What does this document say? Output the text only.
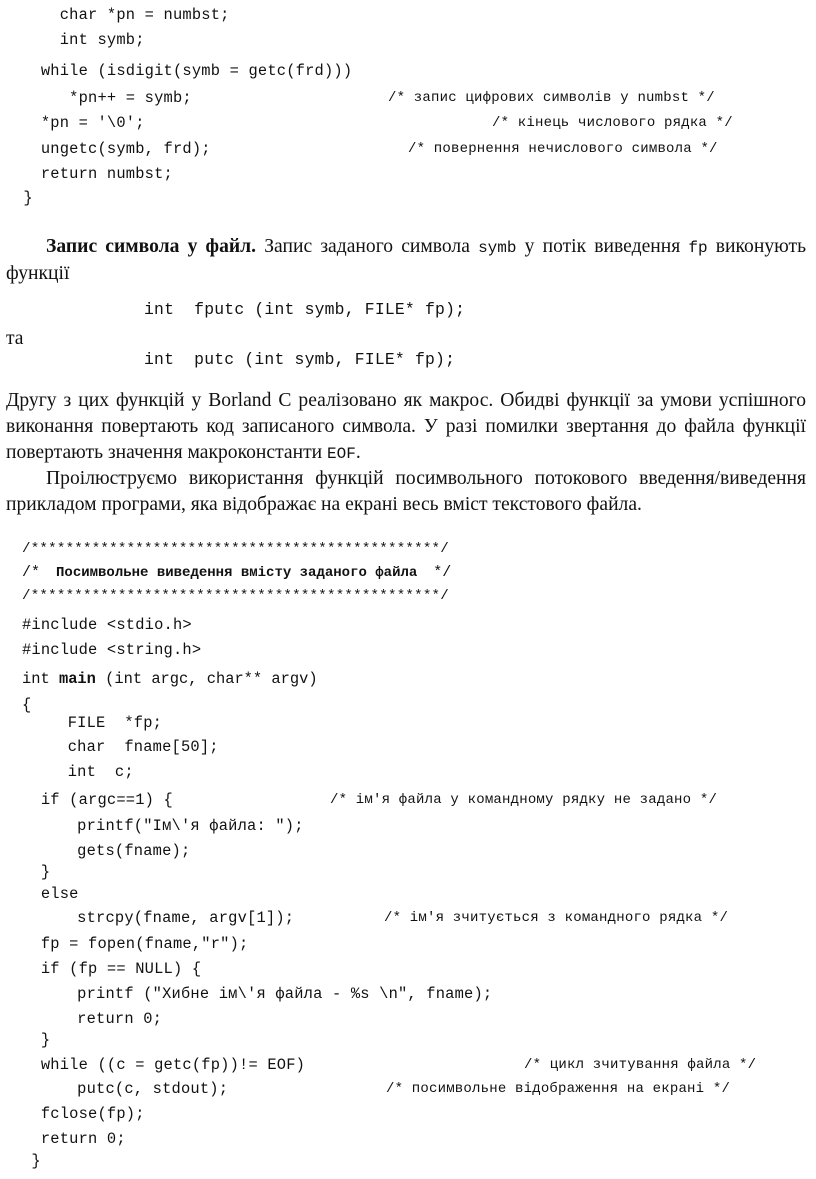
char *pn = numbst;
int symb;
while (isdigit(symb = getc(frd)))
*pn++ = symb;	/* запис цифрових символів у numbst */
*pn = '\0';	/* кінець числового рядка */
ungetc(symb, frd);	/* повернення нечислового символа */
return numbst;
}

Запис символа у файл. Запис заданого символа symb у потік виведення fp виконують функції

int  fputc (int symb, FILE* fp);

та

int  putc (int symb, FILE* fp);

Другу з цих функцій у Borland C реалізовано як макрос. Обидві функції за умови успішного виконання повертають код записаного символа. У разі помилки звертання до файла функції повертають значення макроконстанти EOF.

Проілюструємо використання функцій посимвольного потокового введення/виведення прикладом програми, яка відображає на екрані весь вміст текстового файла.

/***********************************************/
/* Посимвольне виведення вмісту заданого файла */
/***********************************************/
#include <stdio.h>
#include <string.h>
int main (int argc, char** argv)
{
FILE  *fp;
char  fname[50];
int  c;
if (argc==1) {	/* ім'я файла у командному рядку не задано */
printf("Ім\'я файла: ");
gets(fname);
}
else
strcpy(fname, argv[1]);	/* ім'я зчитується з командного рядка */
fp = fopen(fname,"r");
if (fp == NULL) {
printf ("Хибне ім\'я файла - %s \n", fname);
return 0;
}
while ((c = getc(fp))!= EOF)	/* цикл зчитування файла */
putc(c, stdout);	/* посимвольне відображення на екрані */
fclose(fp);
return 0;
}
